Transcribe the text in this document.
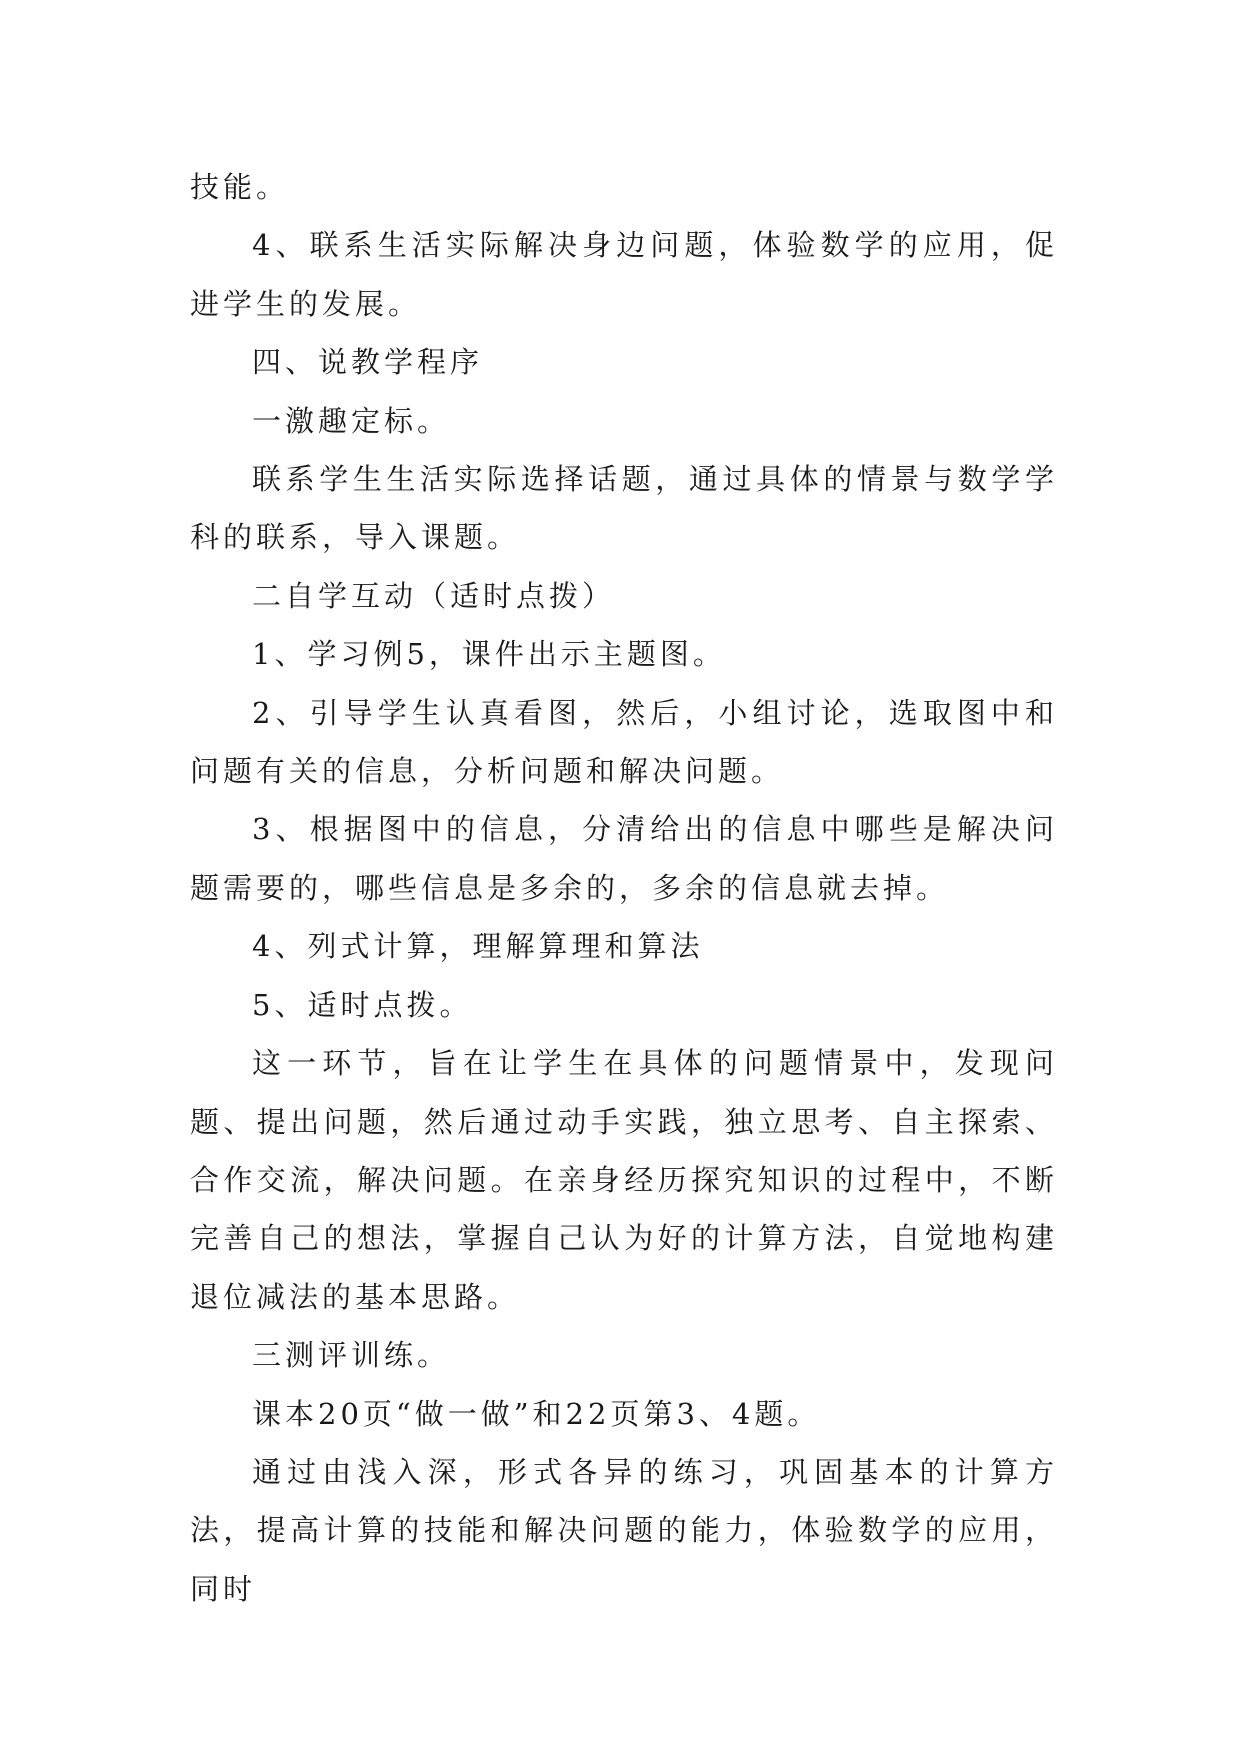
技能。

4、联系生活实际解决身边问题，体验数学的应用，促进学生的发展。

四、说教学程序

一激趣定标。

联系学生生活实际选择话题，通过具体的情景与数学学科的联系，导入课题。

二自学互动（适时点拨）

1、学习例5，课件出示主题图。

2、引导学生认真看图，然后，小组讨论，选取图中和问题有关的信息，分析问题和解决问题。

3、根据图中的信息，分清给出的信息中哪些是解决问题需要的，哪些信息是多余的，多余的信息就去掉。

4、列式计算，理解算理和算法

5、适时点拨。

这一环节，旨在让学生在具体的问题情景中，发现问题、提出问题，然后通过动手实践，独立思考、自主探索、合作交流，解决问题。在亲身经历探究知识的过程中，不断完善自己的想法，掌握自己认为好的计算方法，自觉地构建退位减法的基本思路。

三测评训练。

课本20页“做一做”和22页第3、4题。

通过由浅入深，形式各异的练习，巩固基本的计算方法，提高计算的技能和解决问题的能力，体验数学的应用，同时
